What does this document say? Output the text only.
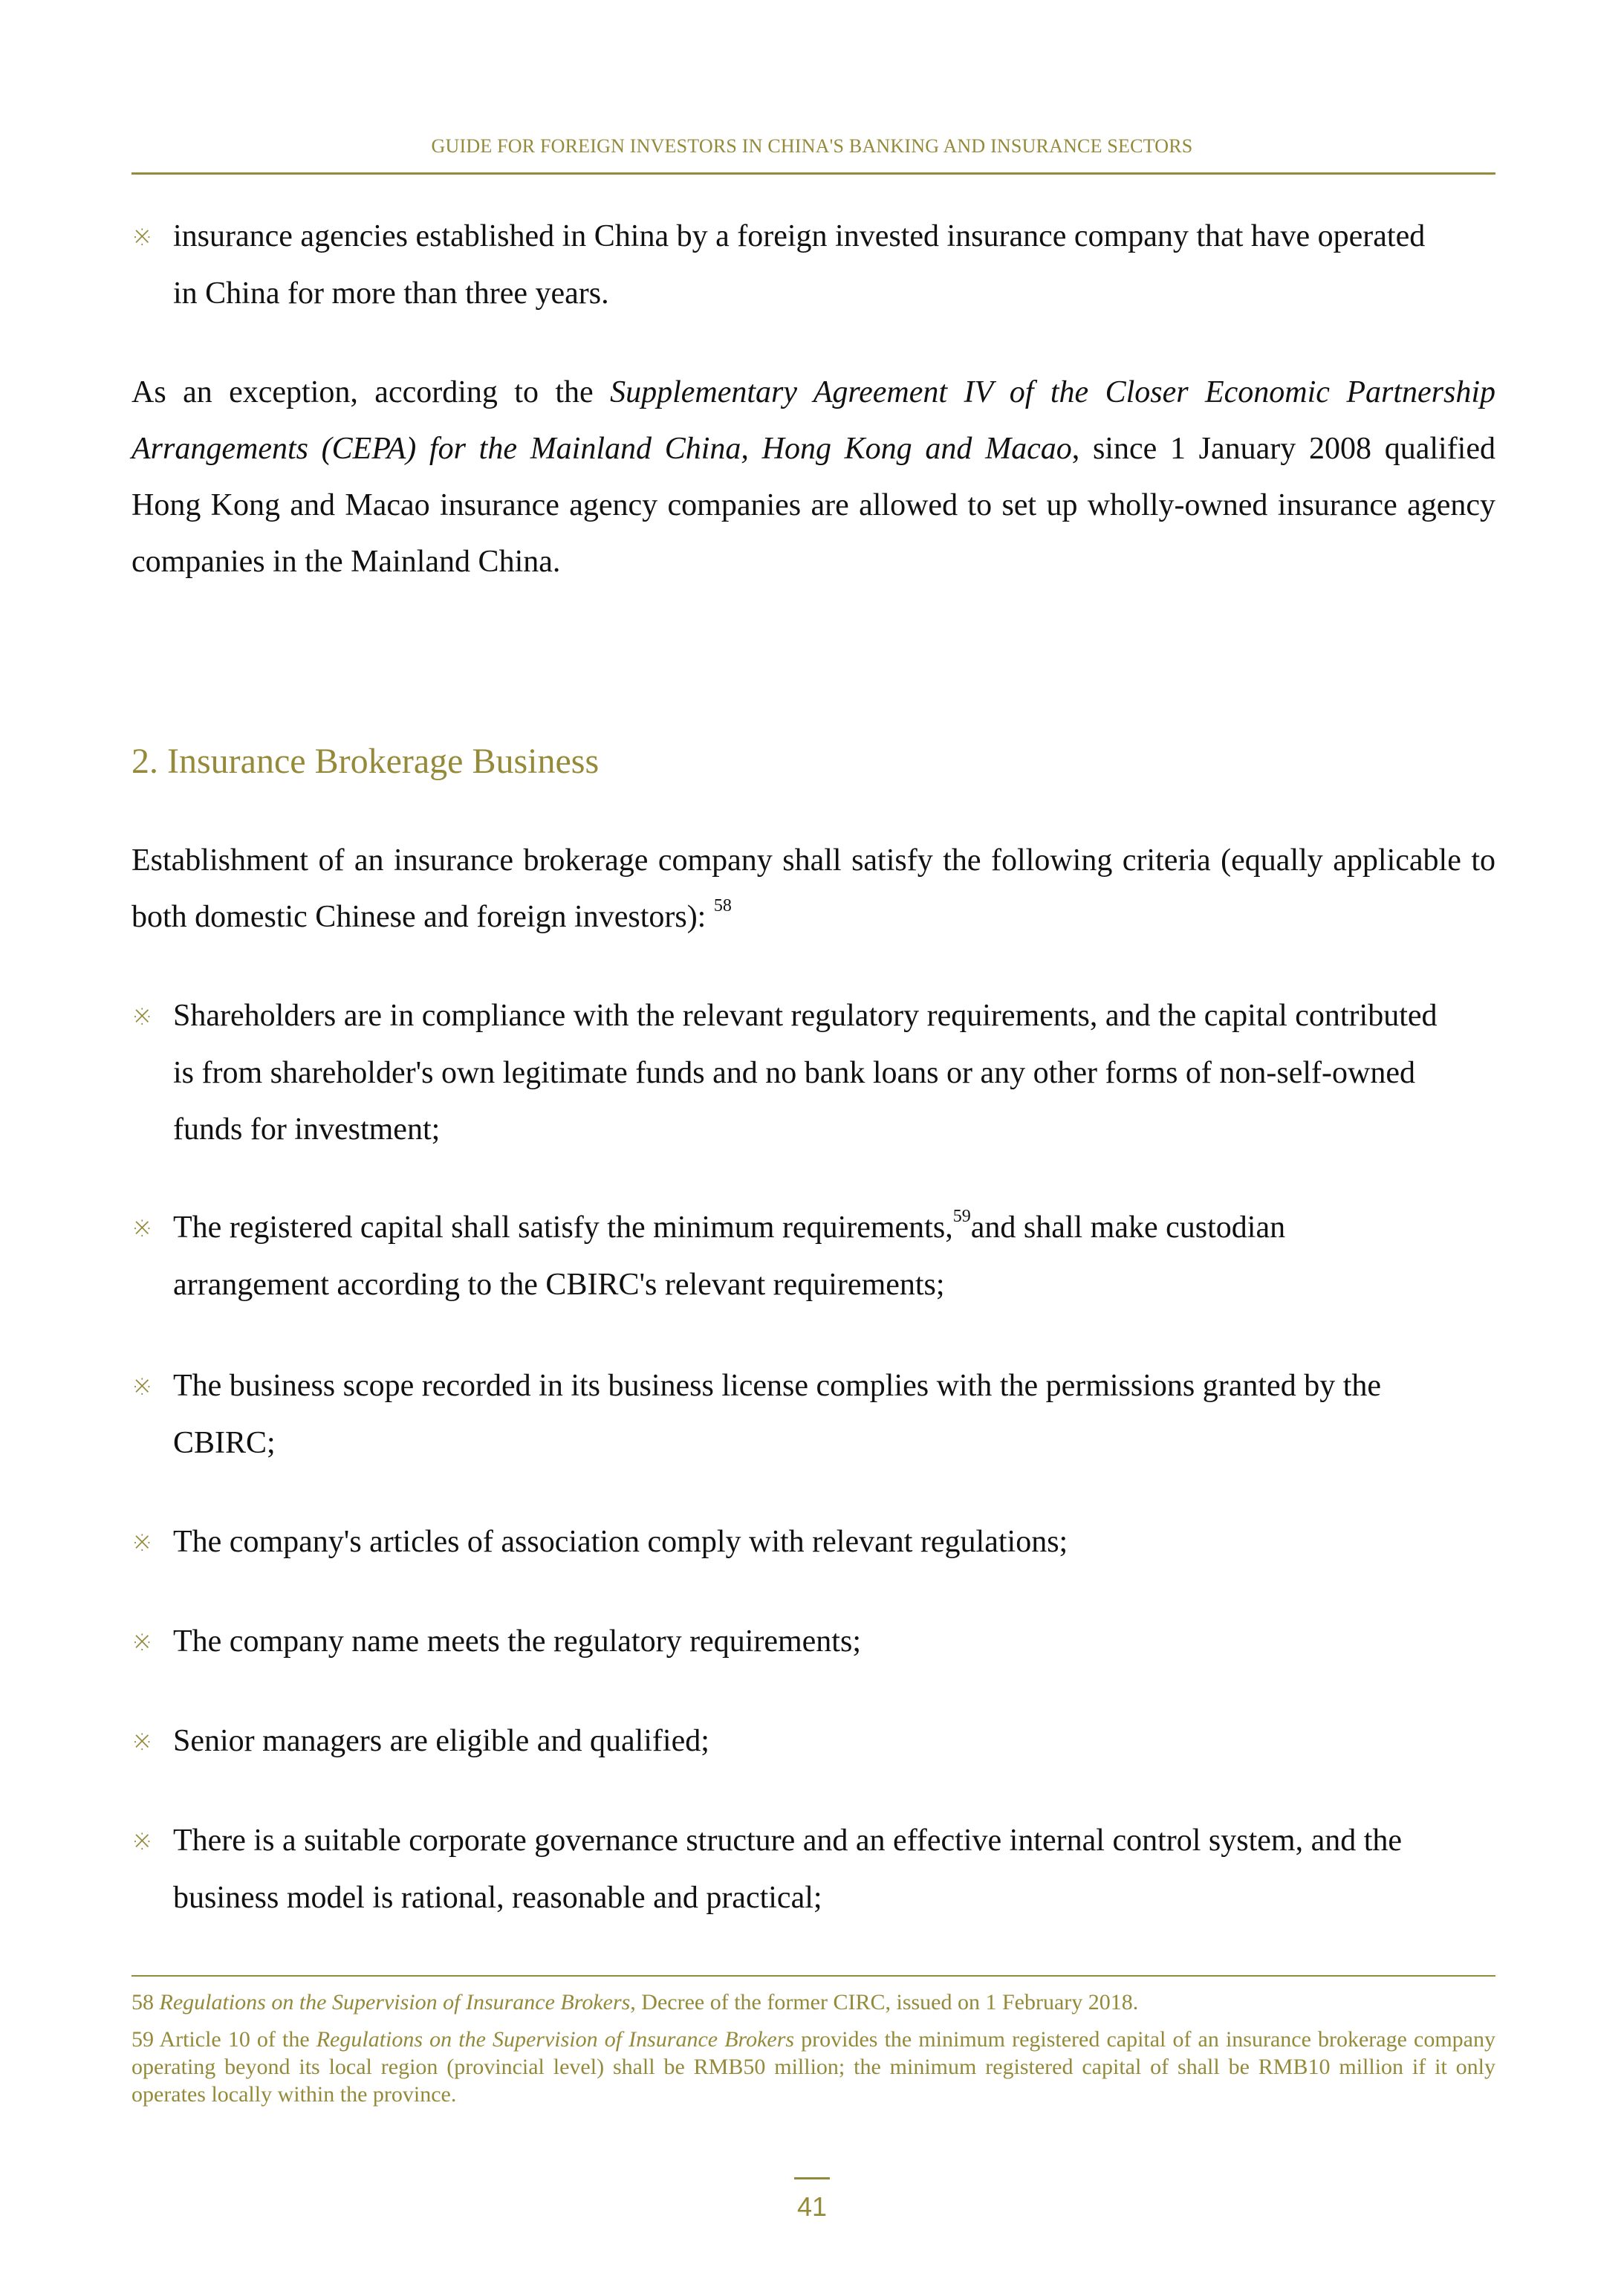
GUIDE FOR FOREIGN INVESTORS IN CHINA'S BANKING AND INSURANCE SECTORS
※ insurance agencies established in China by a foreign invested insurance company that have operated in China for more than three years.

As an exception, according to the Supplementary Agreement IV of the Closer Economic Partnership Arrangements (CEPA) for the Mainland China, Hong Kong and Macao, since 1 January 2008 qualified Hong Kong and Macao insurance agency companies are allowed to set up wholly-owned insurance agency companies in the Mainland China.

2. Insurance Brokerage Business

Establishment of an insurance brokerage company shall satisfy the following criteria (equally applicable to both domestic Chinese and foreign investors): $^{58}$

※ Shareholders are in compliance with the relevant regulatory requirements, and the capital contributed is from shareholder's own legitimate funds and no bank loans or any other forms of non-self-owned funds for investment;
※ The registered capital shall satisfy the minimum requirements,$^{59}$and shall make custodian arrangement according to the CBIRC's relevant requirements;
※ The business scope recorded in its business license complies with the permissions granted by the CBIRC;
※ The company's articles of association comply with relevant regulations;
※ The company name meets the regulatory requirements;
※ Senior managers are eligible and qualified;
※ There is a suitable corporate governance structure and an effective internal control system, and the business model is rational, reasonable and practical;
58 Regulations on the Supervision of Insurance Brokers, Decree of the former CIRC, issued on 1 February 2018.
59 Article 10 of the Regulations on the Supervision of Insurance Brokers provides the minimum registered capital of an insurance brokerage company operating beyond its local region (provincial level) shall be RMB50 million; the minimum registered capital of shall be RMB10 million if it only operates locally within the province.
41
